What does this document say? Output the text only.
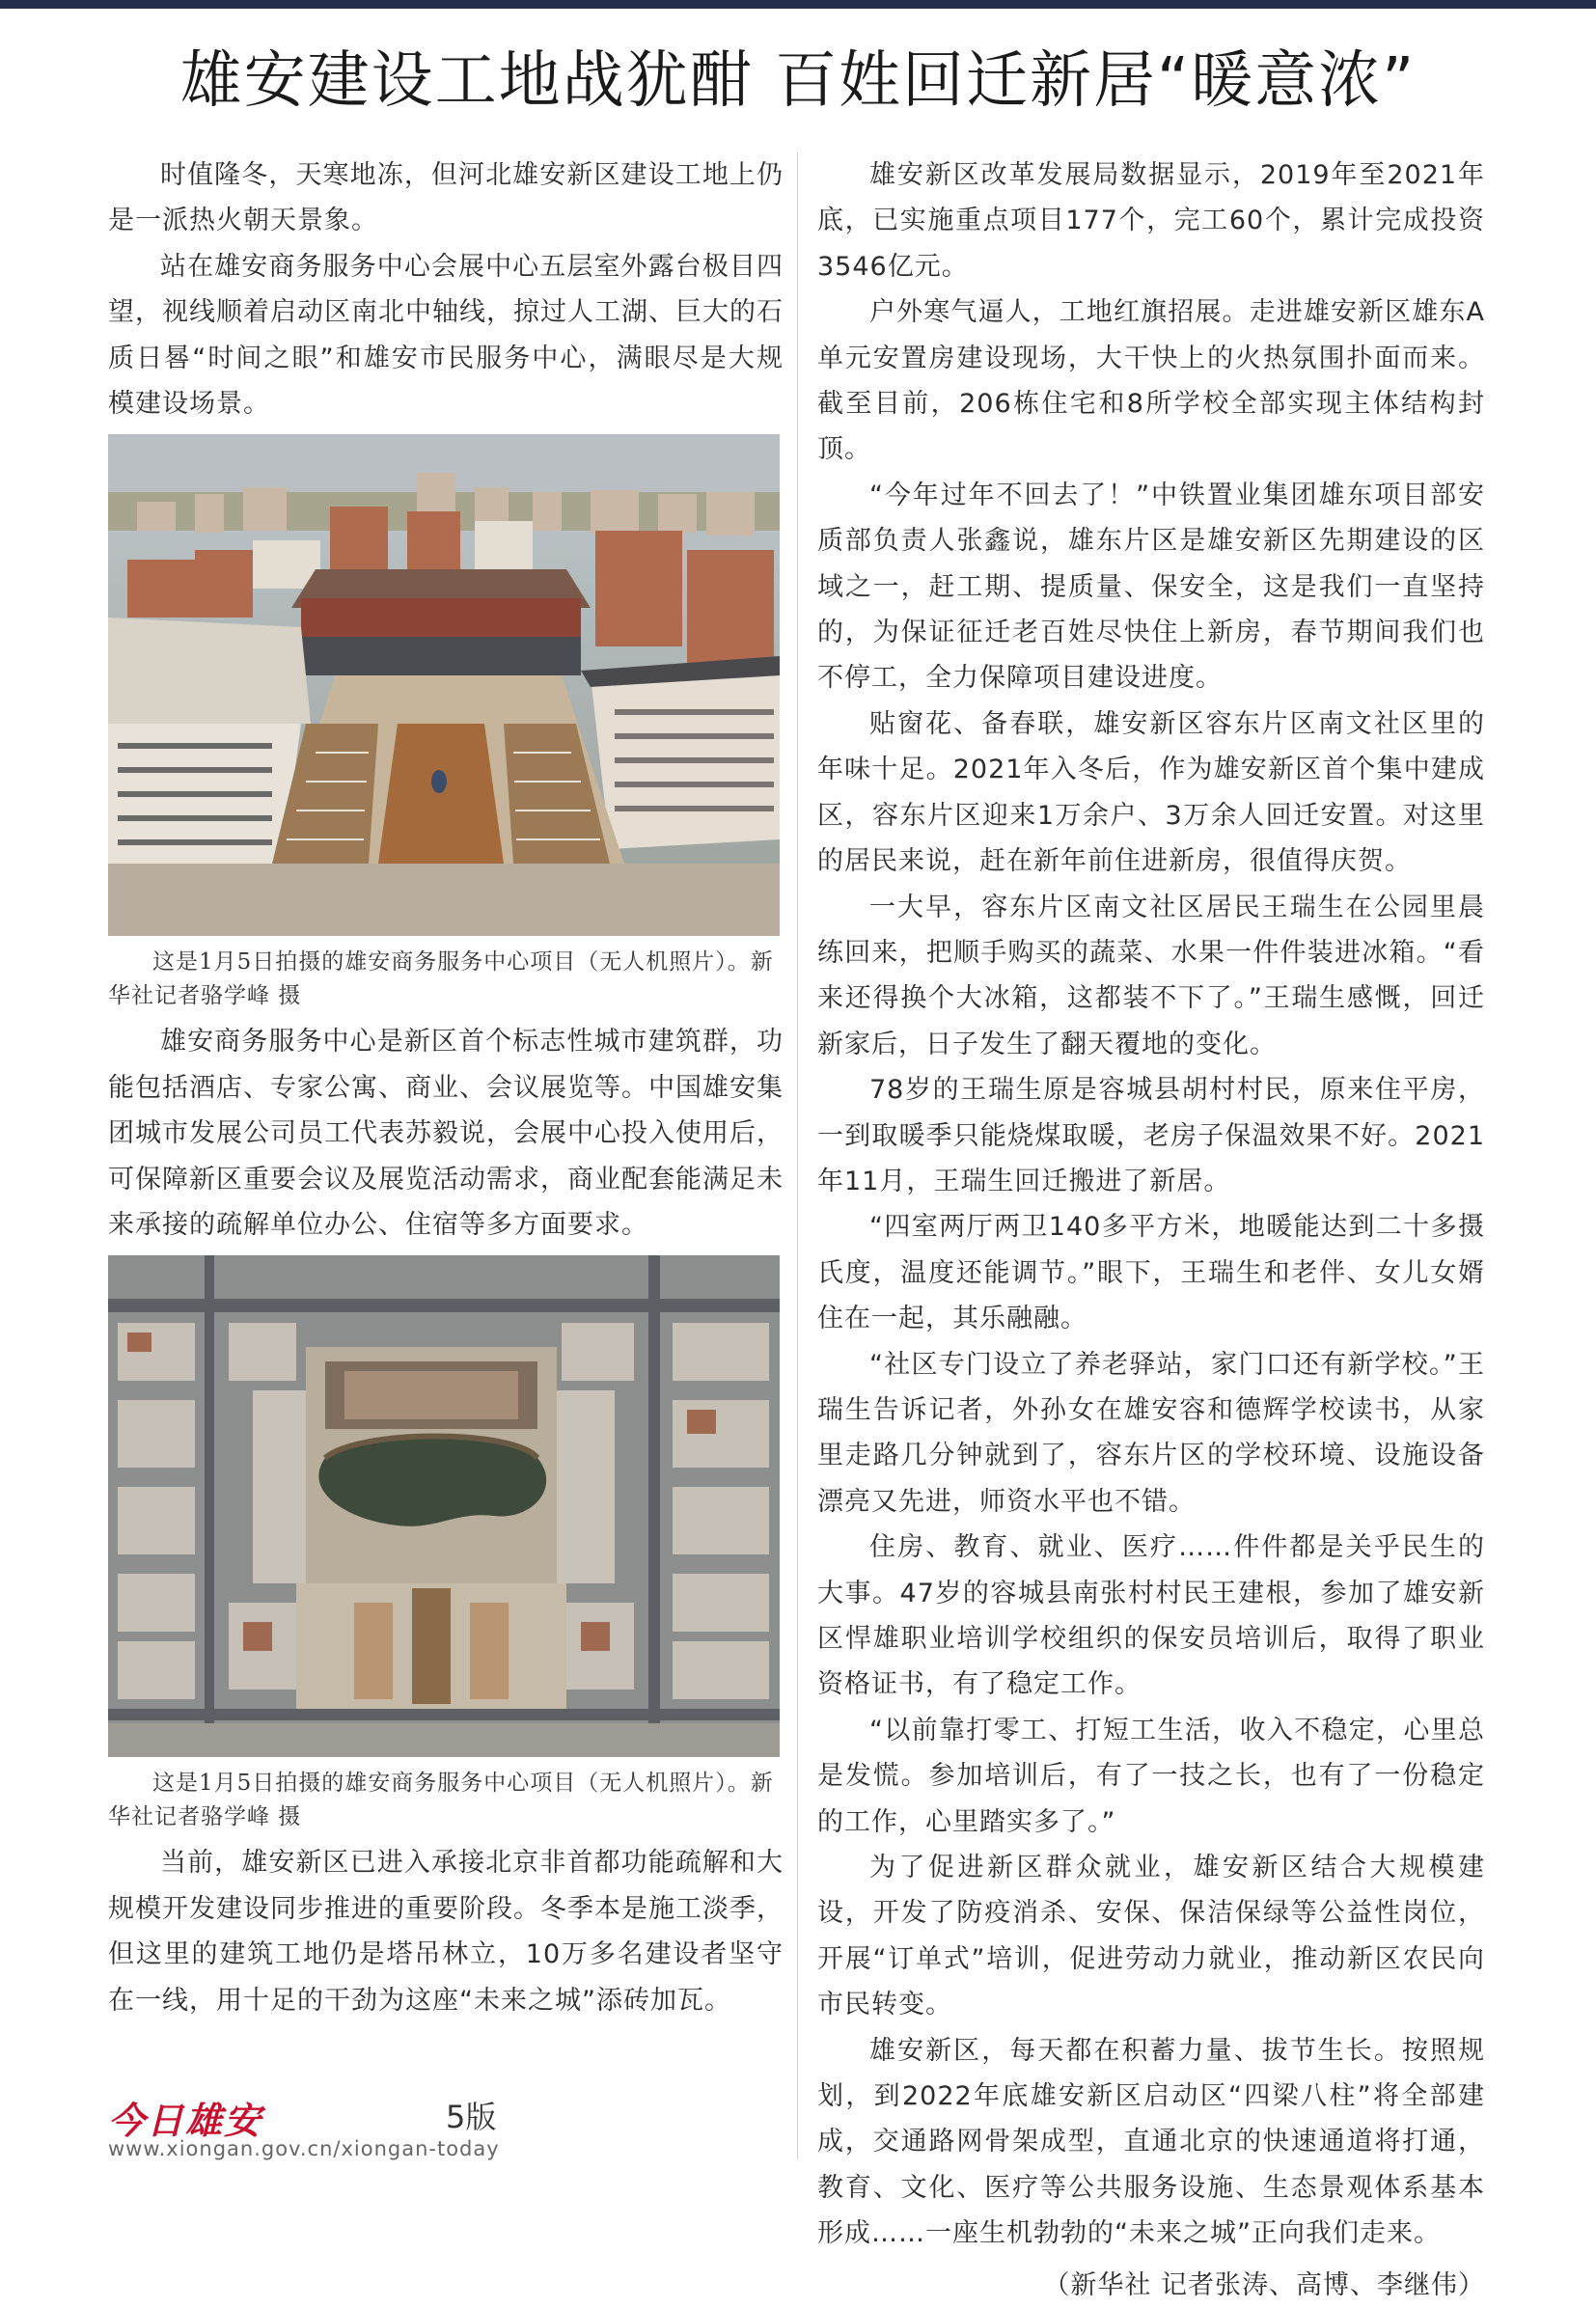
雄安建设工地战犹酣 百姓回迁新居“暖意浓”

时值隆冬，天寒地冻，但河北雄安新区建设工地上仍是一派热火朝天景象。

站在雄安商务服务中心会展中心五层室外露台极目四望，视线顺着启动区南北中轴线，掠过人工湖、巨大的石质日晷“时间之眼”和雄安市民服务中心，满眼尽是大规模建设场景。

这是1月5日拍摄的雄安商务服务中心项目（无人机照片）。新华社记者骆学峰 摄

雄安商务服务中心是新区首个标志性城市建筑群，功能包括酒店、专家公寓、商业、会议展览等。中国雄安集团城市发展公司员工代表苏毅说，会展中心投入使用后，可保障新区重要会议及展览活动需求，商业配套能满足未来承接的疏解单位办公、住宿等多方面要求。

这是1月5日拍摄的雄安商务服务中心项目（无人机照片）。新华社记者骆学峰 摄

当前，雄安新区已进入承接北京非首都功能疏解和大规模开发建设同步推进的重要阶段。冬季本是施工淡季，但这里的建筑工地仍是塔吊林立，10万多名建设者坚守在一线，用十足的干劲为这座“未来之城”添砖加瓦。

雄安新区改革发展局数据显示，2019年至2021年底，已实施重点项目177个，完工60个，累计完成投资3546亿元。

户外寒气逼人，工地红旗招展。走进雄安新区雄东A单元安置房建设现场，大干快上的火热氛围扑面而来。截至目前，206栋住宅和8所学校全部实现主体结构封顶。

“今年过年不回去了！”中铁置业集团雄东项目部安质部负责人张鑫说，雄东片区是雄安新区先期建设的区域之一，赶工期、提质量、保安全，这是我们一直坚持的，为保证征迁老百姓尽快住上新房，春节期间我们也不停工，全力保障项目建设进度。

贴窗花、备春联，雄安新区容东片区南文社区里的年味十足。2021年入冬后，作为雄安新区首个集中建成区，容东片区迎来1万余户、3万余人回迁安置。对这里的居民来说，赶在新年前住进新房，很值得庆贺。

一大早，容东片区南文社区居民王瑞生在公园里晨练回来，把顺手购买的蔬菜、水果一件件装进冰箱。“看来还得换个大冰箱，这都装不下了。”王瑞生感慨，回迁新家后，日子发生了翻天覆地的变化。

78岁的王瑞生原是容城县胡村村民，原来住平房，一到取暖季只能烧煤取暖，老房子保温效果不好。2021年11月，王瑞生回迁搬进了新居。

“四室两厅两卫140多平方米，地暖能达到二十多摄氏度，温度还能调节。”眼下，王瑞生和老伴、女儿女婿住在一起，其乐融融。

“社区专门设立了养老驿站，家门口还有新学校。”王瑞生告诉记者，外孙女在雄安容和德辉学校读书，从家里走路几分钟就到了，容东片区的学校环境、设施设备漂亮又先进，师资水平也不错。

住房、教育、就业、医疗……件件都是关乎民生的大事。47岁的容城县南张村村民王建根，参加了雄安新区悍雄职业培训学校组织的保安员培训后，取得了职业资格证书，有了稳定工作。

“以前靠打零工、打短工生活，收入不稳定，心里总是发慌。参加培训后，有了一技之长，也有了一份稳定的工作，心里踏实多了。”

为了促进新区群众就业，雄安新区结合大规模建设，开发了防疫消杀、安保、保洁保绿等公益性岗位，开展“订单式”培训，促进劳动力就业，推动新区农民向市民转变。

雄安新区，每天都在积蓄力量、拔节生长。按照规划，到2022年底雄安新区启动区“四梁八柱”将全部建成，交通路网骨架成型，直通北京的快速通道将打通，教育、文化、医疗等公共服务设施、生态景观体系基本形成……一座生机勃勃的“未来之城”正向我们走来。

（新华社 记者张涛、高博、李继伟）
今日雄安	5版
www.xiongan.gov.cn/xiongan-today
